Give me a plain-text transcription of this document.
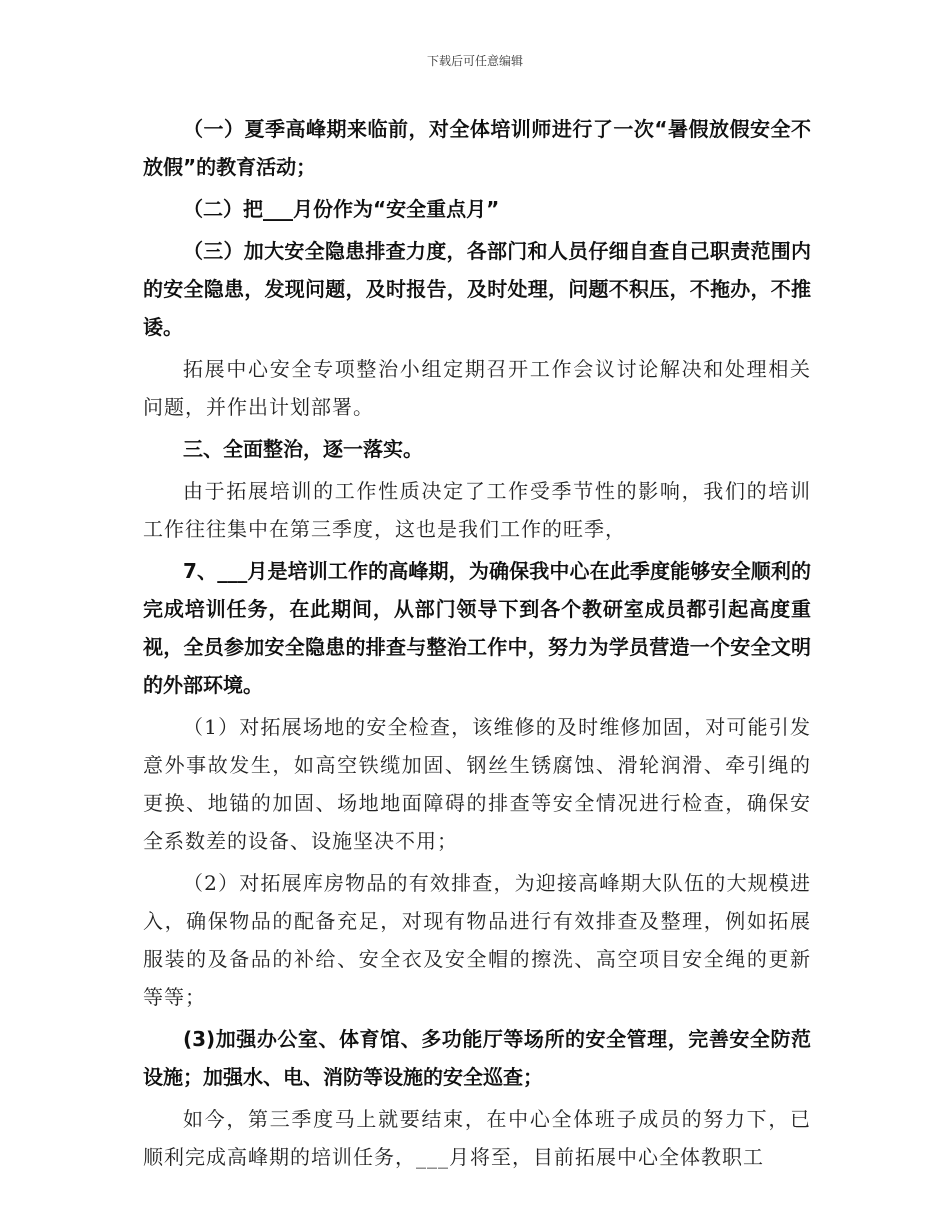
下载后可任意编辑

（一）夏季高峰期来临前，对全体培训师进行了一次“暑假放假安全不放假”的教育活动；

（二）把___月份作为“安全重点月”

（三）加大安全隐患排查力度，各部门和人员仔细自查自己职责范围内的安全隐患，发现问题，及时报告，及时处理，问题不积压，不拖办，不推诿。

拓展中心安全专项整治小组定期召开工作会议讨论解决和处理相关问题，并作出计划部署。

三、全面整治，逐一落实。

由于拓展培训的工作性质决定了工作受季节性的影响，我们的培训工作往往集中在第三季度，这也是我们工作的旺季，

7、___月是培训工作的高峰期，为确保我中心在此季度能够安全顺利的完成培训任务，在此期间，从部门领导下到各个教研室成员都引起高度重视，全员参加安全隐患的排查与整治工作中，努力为学员营造一个安全文明的外部环境。

（1）对拓展场地的安全检查，该维修的及时维修加固，对可能引发意外事故发生，如高空铁缆加固、钢丝生锈腐蚀、滑轮润滑、牵引绳的更换、地锚的加固、场地地面障碍的排查等安全情况进行检查，确保安全系数差的设备、设施坚决不用；

（2）对拓展库房物品的有效排查，为迎接高峰期大队伍的大规模进入，确保物品的配备充足，对现有物品进行有效排查及整理，例如拓展服装的及备品的补给、安全衣及安全帽的擦洗、高空项目安全绳的更新等等；

(3)加强办公室、体育馆、多功能厅等场所的安全管理，完善安全防范设施；加强水、电、消防等设施的安全巡查；

如今，第三季度马上就要结束，在中心全体班子成员的努力下，已顺利完成高峰期的培训任务，___月将至，目前拓展中心全体教职工
